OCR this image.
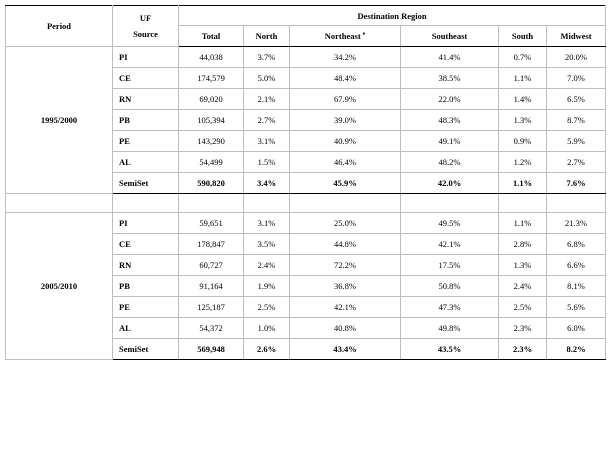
Period	UF
Source	Destination Region					
		Total	North	Northeast ♦	Southeast	South	Midwest
1995/2000	PI	44,038	3.7%	34.2%	41.4%	0.7%	20.0%
	CE	174,579	5.0%	48.4%	38.5%	1.1%	7.0%
	RN	69,020	2.1%	67.9%	22.0%	1.4%	6.5%
	PB	105,394	2.7%	39.0%	48.3%	1.3%	8.7%
	PE	143,290	3.1%	40.9%	49.1%	0.9%	5.9%
	AL	54,499	1.5%	46.4%	48.2%	1.2%	2.7%
	SemiSet	590,820	3.4%	45.9%	42.0%	1.1%	7.6%

2005/2010	PI	59,651	3.1%	25.0%	49.5%	1.1%	21.3%
	CE	178,847	3.5%	44.8%	42.1%	2.8%	6.8%
	RN	60,727	2.4%	72.2%	17.5%	1.3%	6.6%
	PB	91,164	1.9%	36.8%	50.8%	2.4%	8.1%
	PE	125,187	2.5%	42.1%	47.3%	2.5%	5.6%
	AL	54,372	1.0%	40.8%	49.8%	2.3%	6.0%
	SemiSet	569,948	2.6%	43.4%	43.5%	2.3%	8.2%
